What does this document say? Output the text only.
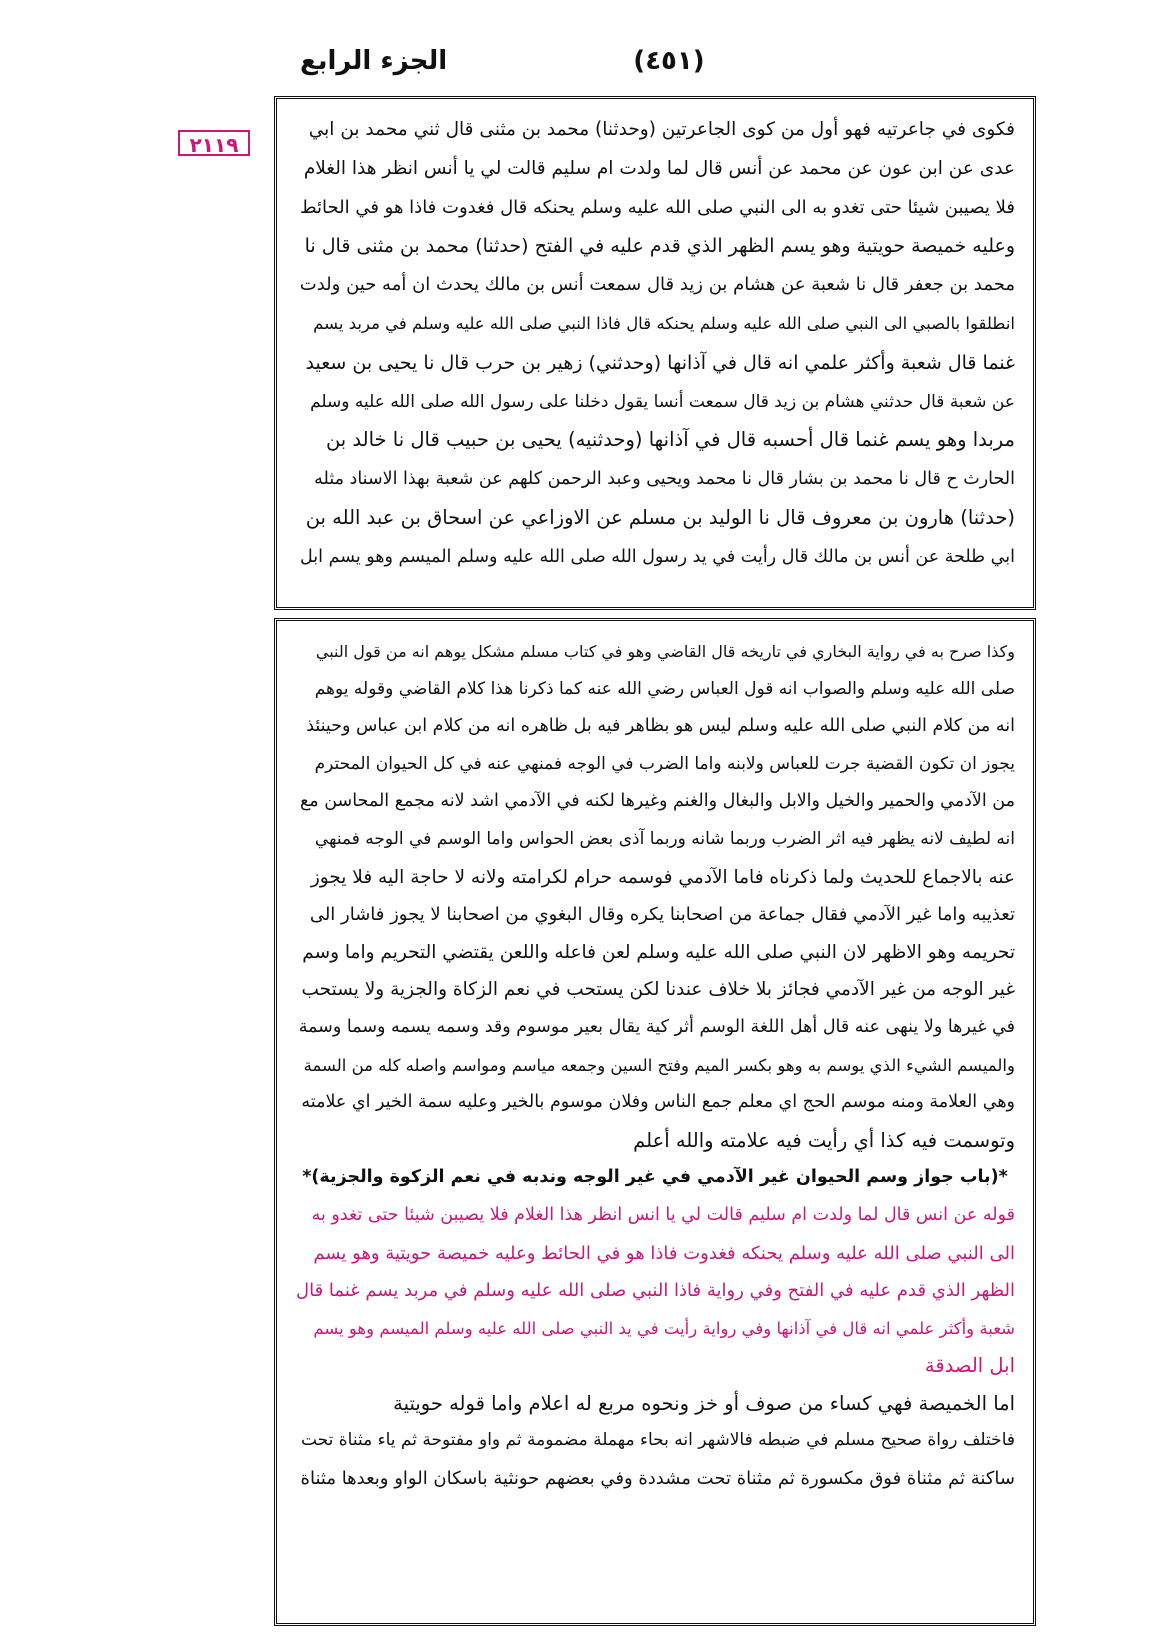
الجزء الرابع	(٤٥١)
٢١١٩
فكوى في جاعرتيه فهو أول من كوى الجاعرتين (وحدثنا) محمد بن مثنى قال ثني محمد بن ابي
عدى عن ابن عون عن محمد عن أنس قال لما ولدت ام سليم قالت لي يا أنس انظر هذا الغلام
فلا يصيبن شيئا حتى تغدو به الى النبي صلى الله عليه وسلم يحنكه قال فغدوت فاذا هو في الحائط
وعليه خميصة حويتية وهو يسم الظهر الذي قدم عليه في الفتح (حدثنا) محمد بن مثنى قال نا
محمد بن جعفر قال نا شعبة عن هشام بن زيد قال سمعت أنس بن مالك يحدث ان أمه حين ولدت
انطلقوا بالصبي الى النبي صلى الله عليه وسلم يحنكه قال فاذا النبي صلى الله عليه وسلم في مربد يسم
غنما قال شعبة وأكثر علمي انه قال في آذانها (وحدثني) زهير بن حرب قال نا يحيى بن سعيد
عن شعبة قال حدثني هشام بن زيد قال سمعت أنسا يقول دخلنا على رسول الله صلى الله عليه وسلم
مربدا وهو يسم غنما قال أحسبه قال في آذانها (وحدثنيه) يحيى بن حبيب قال نا خالد بن
الحارث ح قال نا محمد بن بشار قال نا محمد ويحيى وعبد الرحمن كلهم عن شعبة بهذا الاسناد مثله
(حدثنا) هارون بن معروف قال نا الوليد بن مسلم عن الاوزاعي عن اسحاق بن عبد الله بن
ابي طلحة عن أنس بن مالك قال رأيت في يد رسول الله صلى الله عليه وسلم الميسم وهو يسم ابل
وكذا صرح به في رواية البخاري في تاريخه قال القاضي وهو في كتاب مسلم مشكل يوهم انه من قول النبي
صلى الله عليه وسلم والصواب انه قول العباس رضي الله عنه كما ذكرنا هذا كلام القاضي وقوله يوهم
انه من كلام النبي صلى الله عليه وسلم ليس هو بظاهر فيه بل ظاهره انه من كلام ابن عباس وحينئذ
يجوز ان تكون القضية جرت للعباس ولابنه واما الضرب في الوجه فمنهي عنه في كل الحيوان المحترم
من الآدمي والحمير والخيل والابل والبغال والغنم وغيرها لكنه في الآدمي اشد لانه مجمع المحاسن مع
انه لطيف لانه يظهر فيه اثر الضرب وربما شانه وربما آذى بعض الحواس واما الوسم في الوجه فمنهي
عنه بالاجماع للحديث ولما ذكرناه فاما الآدمي فوسمه حرام لكرامته ولانه لا حاجة اليه فلا يجوز
تعذيبه واما غير الآدمي فقال جماعة من اصحابنا يكره وقال البغوي من اصحابنا لا يجوز فاشار الى
تحريمه وهو الاظهر لان النبي صلى الله عليه وسلم لعن فاعله واللعن يقتضي التحريم واما وسم
غير الوجه من غير الآدمي فجائز بلا خلاف عندنا لكن يستحب في نعم الزكاة والجزية ولا يستحب
في غيرها ولا ينهى عنه قال أهل اللغة الوسم أثر كية يقال بعير موسوم وقد وسمه يسمه وسما وسمة
والميسم الشيء الذي يوسم به وهو بكسر الميم وفتح السين وجمعه مياسم ومواسم واصله كله من السمة
وهي العلامة ومنه موسم الحج اي معلم جمع الناس وفلان موسوم بالخير وعليه سمة الخير اي علامته
وتوسمت فيه كذا أي رأيت فيه علامته والله أعلم
*(باب جواز وسم الحيوان غير الآدمي في غير الوجه وندبه في نعم الزكوة والجزية)*
قوله عن انس قال لما ولدت ام سليم قالت لي يا انس انظر هذا الغلام فلا يصيبن شيئا حتى تغدو به
الى النبي صلى الله عليه وسلم يحنكه فغدوت فاذا هو في الحائط وعليه خميصة حويتية وهو يسم
الظهر الذي قدم عليه في الفتح وفي رواية فاذا النبي صلى الله عليه وسلم في مربد يسم غنما قال
شعبة وأكثر علمي انه قال في آذانها وفي رواية رأيت في يد النبي صلى الله عليه وسلم الميسم وهو يسم
ابل الصدقة
اما الخميصة فهي كساء من صوف أو خز ونحوه مربع له اعلام واما قوله حويتية
فاختلف رواة صحيح مسلم في ضبطه فالاشهر انه بحاء مهملة مضمومة ثم واو مفتوحة ثم ياء مثناة تحت
ساكنة ثم مثناة فوق مكسورة ثم مثناة تحت مشددة وفي بعضهم حونثية باسكان الواو وبعدها مثناة
